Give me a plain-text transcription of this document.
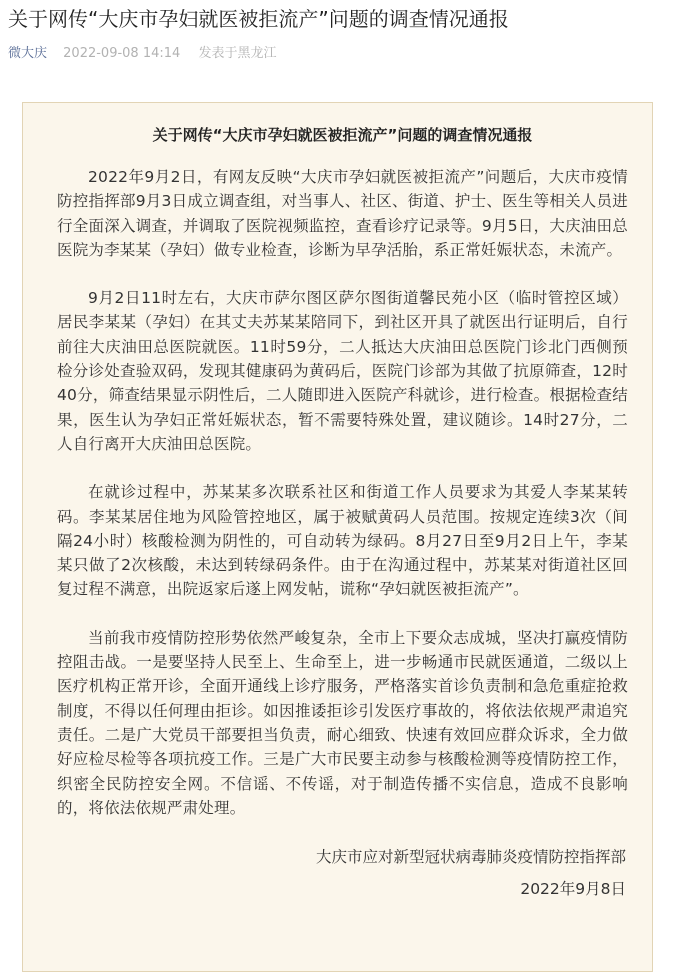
关于网传“大庆市孕妇就医被拒流产”问题的调查情况通报
微大庆 2022-09-08 14:14 发表于黑龙江
关于网传“大庆市孕妇就医被拒流产”问题的调查情况通报

2022年9月2日，有网友反映“大庆市孕妇就医被拒流产”问题后，大庆市疫情防控指挥部9月3日成立调查组，对当事人、社区、街道、护士、医生等相关人员进行全面深入调查，并调取了医院视频监控，查看诊疗记录等。9月5日，大庆油田总医院为李某某（孕妇）做专业检查，诊断为早孕活胎，系正常妊娠状态，未流产。

9月2日11时左右，大庆市萨尔图区萨尔图街道馨民苑小区（临时管控区域）居民李某某（孕妇）在其丈夫苏某某陪同下，到社区开具了就医出行证明后，自行前往大庆油田总医院就医。11时59分，二人抵达大庆油田总医院门诊北门西侧预检分诊处查验双码，发现其健康码为黄码后，医院门诊部为其做了抗原筛查，12时40分，筛查结果显示阴性后，二人随即进入医院产科就诊，进行检查。根据检查结果，医生认为孕妇正常妊娠状态，暂不需要特殊处置，建议随诊。14时27分，二人自行离开大庆油田总医院。

在就诊过程中，苏某某多次联系社区和街道工作人员要求为其爱人李某某转码。李某某居住地为风险管控地区，属于被赋黄码人员范围。按规定连续3次（间隔24小时）核酸检测为阴性的，可自动转为绿码。8月27日至9月2日上午，李某某只做了2次核酸，未达到转绿码条件。由于在沟通过程中，苏某某对街道社区回复过程不满意，出院返家后遂上网发帖，谎称“孕妇就医被拒流产”。

当前我市疫情防控形势依然严峻复杂，全市上下要众志成城，坚决打赢疫情防控阻击战。一是要坚持人民至上、生命至上，进一步畅通市民就医通道，二级以上医疗机构正常开诊，全面开通线上诊疗服务，严格落实首诊负责制和急危重症抢救制度，不得以任何理由拒诊。如因推诿拒诊引发医疗事故的，将依法依规严肃追究责任。二是广大党员干部要担当负责，耐心细致、快速有效回应群众诉求，全力做好应检尽检等各项抗疫工作。三是广大市民要主动参与核酸检测等疫情防控工作，织密全民防控安全网。不信谣、不传谣，对于制造传播不实信息，造成不良影响的，将依法依规严肃处理。

大庆市应对新型冠状病毒肺炎疫情防控指挥部
2022年9月8日
